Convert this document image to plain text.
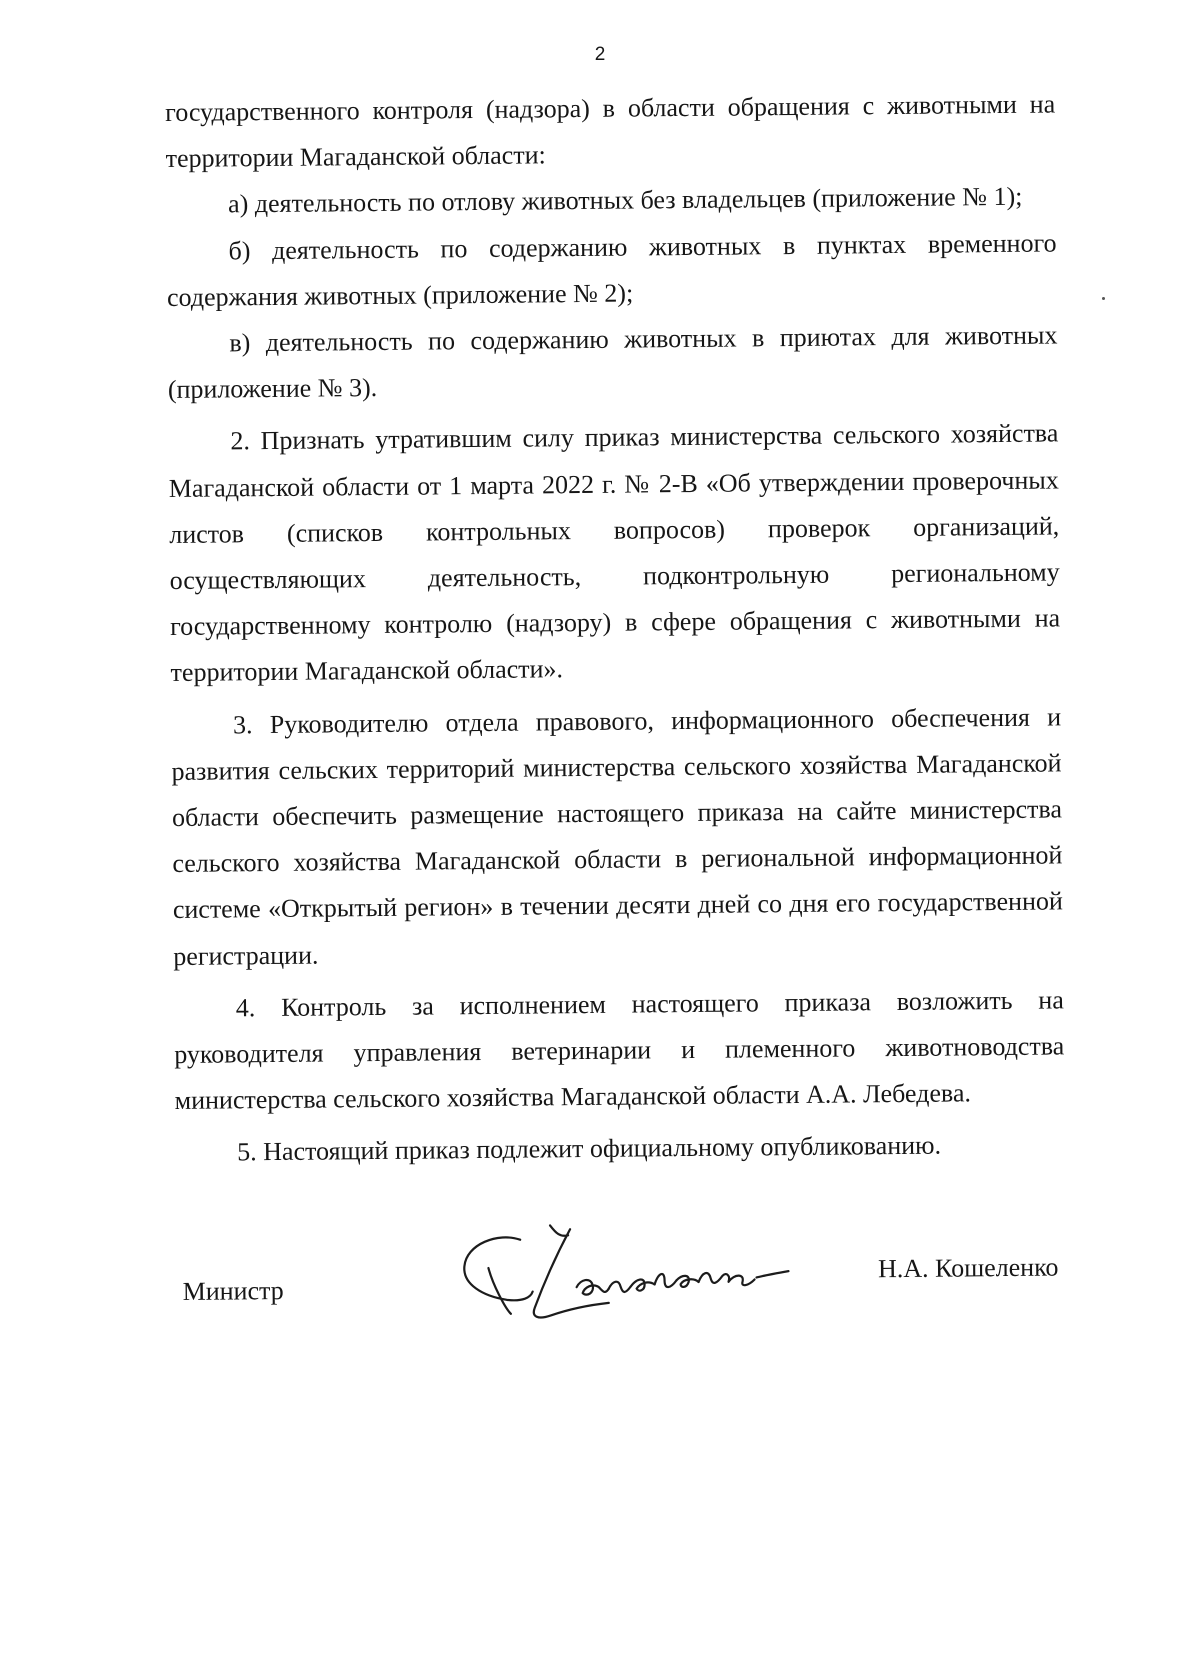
2

государственного контроля (надзора) в области обращения с животными на территории Магаданской области:

а) деятельность по отлову животных без владельцев (приложение № 1);

б) деятельность по содержанию животных в пунктах временного содержания животных (приложение № 2);

в) деятельность по содержанию животных в приютах для животных (приложение № 3).

2. Признать утратившим силу приказ министерства сельского хозяйства Магаданской области от 1 марта 2022 г. № 2-В «Об утверждении проверочных листов (списков контрольных вопросов) проверок организаций, осуществляющих деятельность, подконтрольную региональному государственному контролю (надзору) в сфере обращения с животными на территории Магаданской области».

3. Руководителю отдела правового, информационного обеспечения и развития сельских территорий министерства сельского хозяйства Магаданской области обеспечить размещение настоящего приказа на сайте министерства сельского хозяйства Магаданской области в региональной информационной системе «Открытый регион» в течении десяти дней со дня его государственной регистрации.

4. Контроль за исполнением настоящего приказа возложить на руководителя управления ветеринарии и племенного животноводства министерства сельского хозяйства Магаданской области А.А. Лебедева.

5. Настоящий приказ подлежит официальному опубликованию.

Министр
Н.А. Кошеленко
